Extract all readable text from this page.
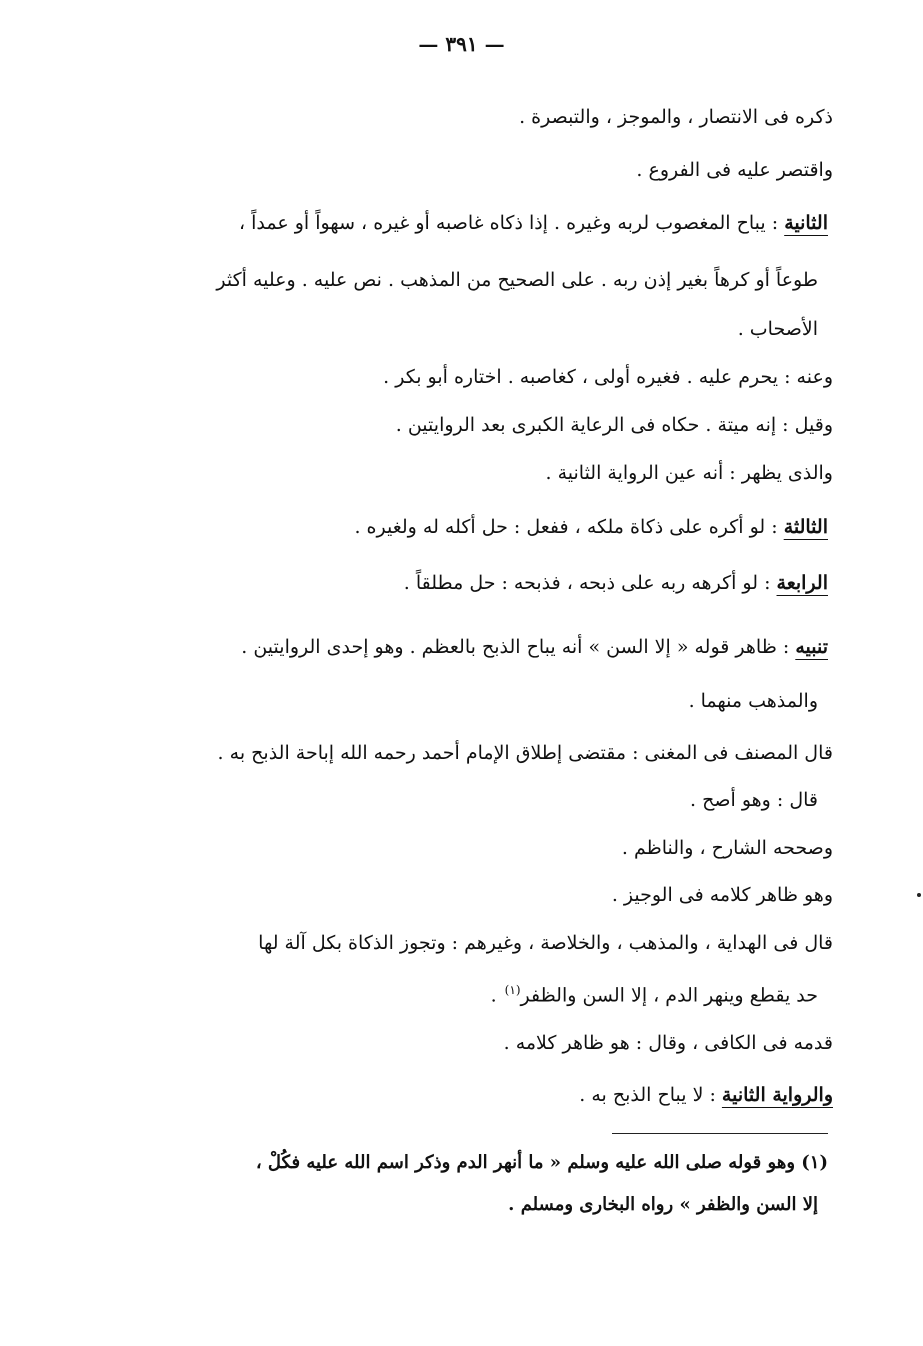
— ٣٩١ —
ذكره فى الانتصار ، والموجز ، والتبصرة .
واقتصر عليه فى الفروع .
الثانية : يباح المغصوب لربه وغيره . إذا ذكاه غاصبه أو غيره ، سهواً أو عمداً ،
طوعاً أو كرهاً بغير إذن ربه . على الصحيح من المذهب . نص عليه . وعليه أكثر
الأصحاب .
وعنه : يحرم عليه . فغيره أولى ، كغاصبه . اختاره أبو بكر .
وقيل : إنه ميتة . حكاه فى الرعاية الكبرى بعد الروايتين .
والذى يظهر : أنه عين الرواية الثانية .
الثالثة : لو أكره على ذكاة ملكه ، ففعل : حل أكله له ولغيره .
الرابعة : لو أكرهه ربه على ذبحه ، فذبحه : حل مطلقاً .
تنبيه : ظاهر قوله « إلا السن » أنه يباح الذبح بالعظم . وهو إحدى الروايتين .
والمذهب منهما .
قال المصنف فى المغنى : مقتضى إطلاق الإمام أحمد رحمه الله إباحة الذبح به .
قال : وهو أصح .
وصححه الشارح ، والناظم .
وهو ظاهر كلامه فى الوجيز .
قال فى الهداية ، والمذهب ، والخلاصة ، وغيرهم : وتجوز الذكاة بكل آلة لها
حد يقطع وينهر الدم ، إلا السن والظفر$^{(١)}$ .
قدمه فى الكافى ، وقال : هو ظاهر كلامه .
والرواية الثانية : لا يباح الذبح به .
(١) وهو قوله صلى الله عليه وسلم « ما أنهر الدم وذكر اسم الله عليه فكُلْ ،
إلا السن والظفر » رواه البخارى ومسلم .
